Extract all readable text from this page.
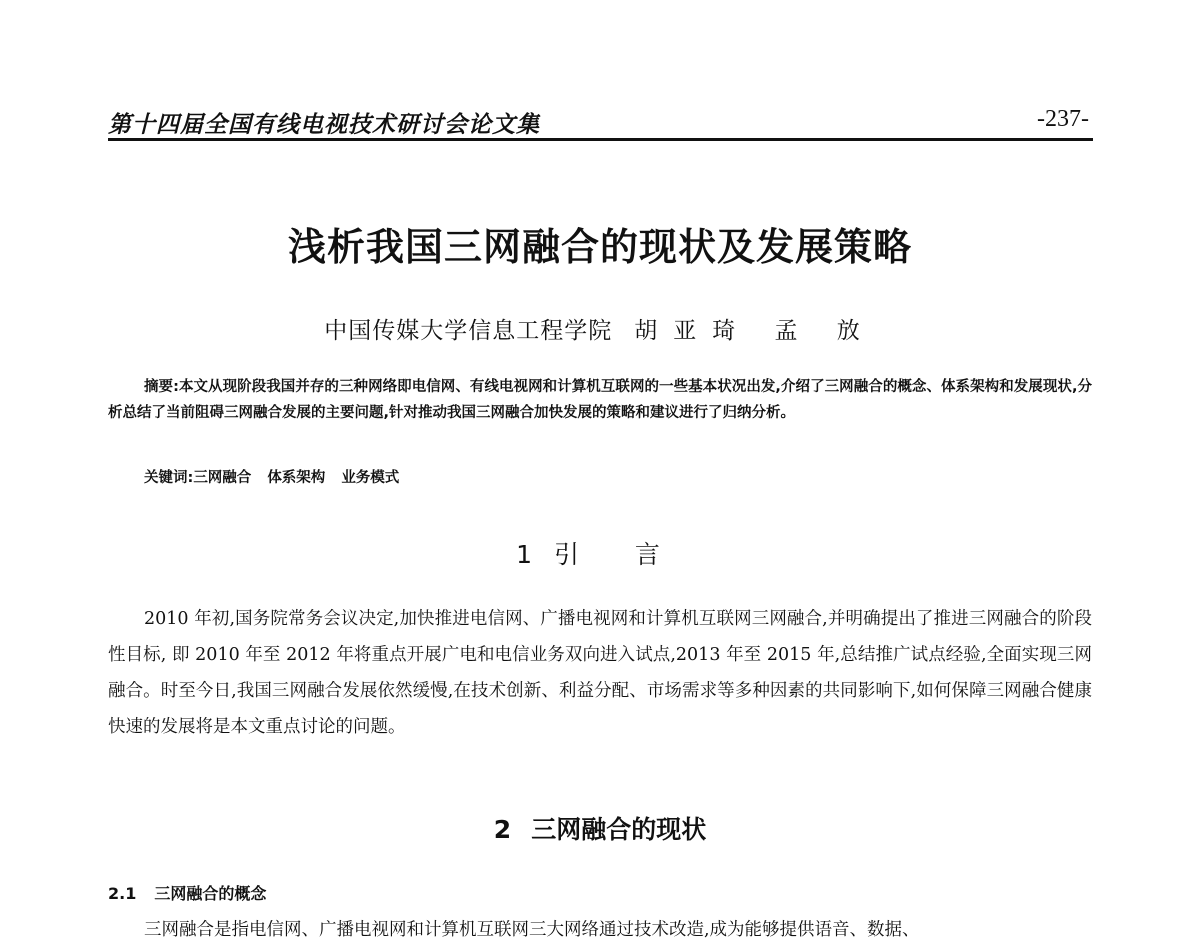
第十四届全国有线电视技术研讨会论文集	-237-
浅析我国三网融合的现状及发展策略
中国传媒大学信息工程学院 胡亚琦 孟 放
摘要:本文从现阶段我国并存的三种网络即电信网、有线电视网和计算机互联网的一些基本状况出发,介绍了三网融合的概念、体系架构和发展现状,分析总结了当前阻碍三网融合发展的主要问题,针对推动我国三网融合加快发展的策略和建议进行了归纳分析。
关键词:三网融合 体系架构 业务模式
1 引 言
2010 年初,国务院常务会议决定,加快推进电信网、广播电视网和计算机互联网三网融合,并明确提出了推进三网融合的阶段性目标, 即 2010 年至 2012 年将重点开展广电和电信业务双向进入试点,2013 年至 2015 年,总结推广试点经验,全面实现三网融合。时至今日,我国三网融合发展依然缓慢,在技术创新、利益分配、市场需求等多种因素的共同影响下,如何保障三网融合健康快速的发展将是本文重点讨论的问题。
2 三网融合的现状
2.1 三网融合的概念
三网融合是指电信网、广播电视网和计算机互联网三大网络通过技术改造,成为能够提供语音、数据、
